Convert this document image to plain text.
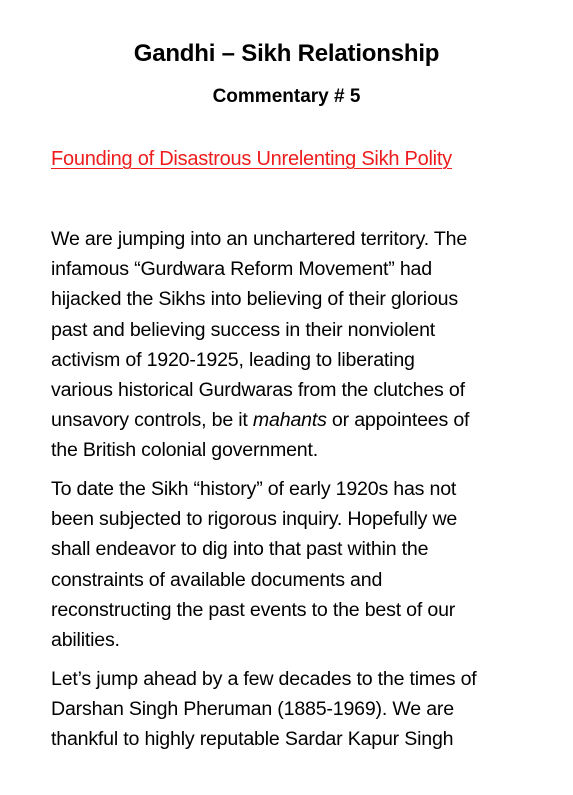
Gandhi – Sikh Relationship
Commentary # 5
Founding of Disastrous Unrelenting Sikh Polity
We are jumping into an unchartered territory. The
infamous “Gurdwara Reform Movement” had
hijacked the Sikhs into believing of their glorious
past and believing success in their nonviolent
activism of 1920-1925, leading to liberating
various historical Gurdwaras from the clutches of
unsavory controls, be it mahants or appointees of
the British colonial government.
To date the Sikh “history” of early 1920s has not
been subjected to rigorous inquiry. Hopefully we
shall endeavor to dig into that past within the
constraints of available documents and
reconstructing the past events to the best of our
abilities.
Let’s jump ahead by a few decades to the times of
Darshan Singh Pheruman (1885-1969). We are
thankful to highly reputable Sardar Kapur Singh
